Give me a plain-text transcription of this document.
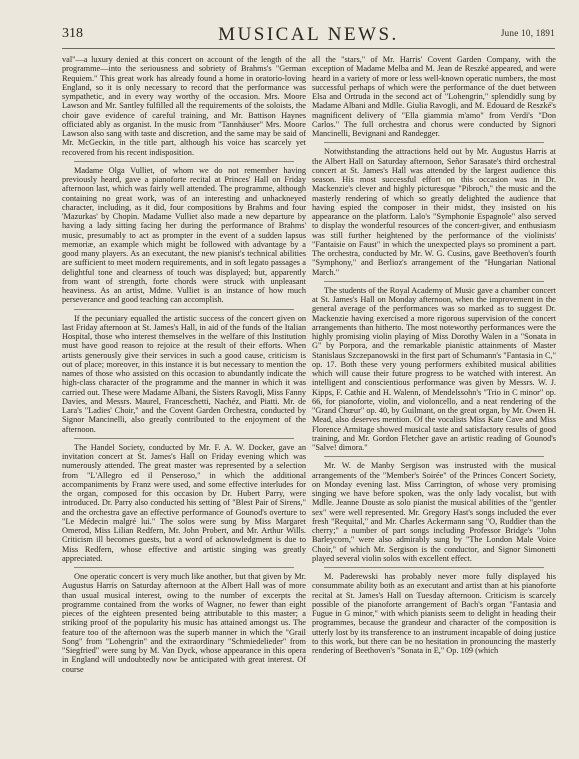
318	MUSICAL NEWS.	June 10, 1891

val"—a luxury denied at this concert on account of the length of the programme—into the seriousness and sobriety of Brahms's "German Requiem." This great work has already found a home in oratorio-loving England, so it is only necessary to record that the performance was sympathetic, and in every way worthy of the occasion. Mrs. Moore Lawson and Mr. Santley fulfilled all the requirements of the soloists, the choir gave evidence of careful training, and Mr. Battison Haynes officiated ably as organist. In the music from "Tannhäuser" Mrs. Moore Lawson also sang with taste and discretion, and the same may be said of Mr. McGeckin, in the title part, although his voice has scarcely yet recovered from his recent indisposition.

Madame Olga Vulliet, of whom we do not remember having previously heard, gave a pianoforte recital at Princes' Hall on Friday afternoon last, which was fairly well attended. The programme, although containing no great work, was of an interesting and unhackneyed character, including, as it did, four compositions by Brahms and four 'Mazurkas' by Chopin. Madame Vulliet also made a new departure by having a lady sitting facing her during the performance of Brahms' music, presumably to act as prompter in the event of a sudden lapsus memoriæ, an example which might be followed with advantage by a good many players. As an executant, the new pianist's technical abilities are sufficient to meet modern requirements, and in soft legato passages a delightful tone and clearness of touch was displayed; but, apparently from want of strength, forte chords were struck with unpleasant heaviness. As an artist, Mdme. Vulliet is an instance of how much perseverance and good teaching can accomplish.

If the pecuniary equalled the artistic success of the concert given on last Friday afternoon at St. James's Hall, in aid of the funds of the Italian Hospital, those who interest themselves in the welfare of this Institution must have good reason to rejoice at the result of their efforts. When artists generously give their services in such a good cause, criticism is out of place; moreover, in this instance it is but necessary to mention the names of those who assisted on this occasion to abundantly indicate the high-class character of the programme and the manner in which it was carried out. These were Madame Albani, the Sisters Ravogli, Miss Fanny Davies, and Messrs. Maurel, Franceschetti, Nachéz, and Piatti. Mr. de Lara's "Ladies' Choir," and the Covent Garden Orchestra, conducted by Signor Mancinelli, also greatly contributed to the enjoyment of the afternoon.

The Handel Society, conducted by Mr. F. A. W. Docker, gave an invitation concert at St. James's Hall on Friday evening which was numerously attended. The great master was represented by a selection from "L'Allegro ed il Penseroso," in which the additional accompaniments by Franz were used, and some effective interludes for the organ, composed for this occasion by Dr. Hubert Parry, were introduced. Dr. Parry also conducted his setting of "Blest Pair of Sirens," and the orchestra gave an effective performance of Gounod's overture to "Le Médecin malgré lui." The solos were sung by Miss Margaret Omerod, Miss Lilian Redfern, Mr. John Probert, and Mr. Arthur Wills. Criticism ill becomes guests, but a word of acknowledgment is due to Miss Redfern, whose effective and artistic singing was greatly appreciated.

One operatic concert is very much like another, but that given by Mr. Augustus Harris on Saturday afternoon at the Albert Hall was of more than usual musical interest, owing to the number of excerpts the programme contained from the works of Wagner, no fewer than eight pieces of the eighteen presented being attributable to this master; a striking proof of the popularity his music has attained amongst us. The feature too of the afternoon was the superb manner in which the "Grail Song" from "Lohengrin" and the extraordinary "Schmiedelieder" from "Siegfried" were sung by M. Van Dyck, whose appearance in this opera in England will undoubtedly now be anticipated with great interest. Of course

all the "stars," of Mr. Harris' Covent Garden Company, with the exception of Madame Melba and M. Jean de Reszké appeared, and were heard in a variety of more or less well-known operatic numbers, the most successful perhaps of which were the performance of the duet between Elsa and Ortruda in the second act of "Lohengrin," splendidly sung by Madame Albani and Mdlle. Giulia Ravogli, and M. Edouard de Reszké's magnificent delivery of "Ella giammia m'amo" from Verdi's "Don Carlos." The full orchestra and chorus were conducted by Signori Mancinelli, Bevignani and Randegger.

Notwithstanding the attractions held out by Mr. Augustus Harris at the Albert Hall on Saturday afternoon, Señor Sarasate's third orchestral concert at St. James's Hall was attended by the largest audience this season. His most successful effort on this occasion was in Dr. Mackenzie's clever and highly picturesque "Pibroch," the music and the masterly rendering of which so greatly delighted the audience that having espied the composer in their midst, they insisted on his appearance on the platform. Lalo's "Symphonie Espagnole" also served to display the wonderful resources of the concert-giver, and enthusiasm was still further heightened by the performance of the violinists' "Fantaisie on Faust" in which the unexpected plays so prominent a part. The orchestra, conducted by Mr. W. G. Cusins, gave Beethoven's fourth "Symphony," and Berlioz's arrangement of the "Hungarian National March."

The students of the Royal Academy of Music gave a chamber concert at St. James's Hall on Monday afternoon, when the improvement in the general average of the performances was so marked as to suggest Dr. Mackenzie having exercised a more rigorous supervision of the concert arrangements than hitherto. The most noteworthy performances were the highly promising violin playing of Miss Dorothy Walen in a "Sonata in G" by Porpora, and the remarkable pianistic attainments of Master Stanislaus Szczepanowski in the first part of Schumann's "Fantasia in C," op. 17. Both these very young performers exhibited musical abilities which will cause their future progress to be watched with interest. An intelligent and conscientious performance was given by Messrs. W. J. Kipps, F. Cathie and H. Walenn, of Mendelssohn's "Trio in C minor" op. 66, for pianoforte, violin, and violoncello, and a neat rendering of the "Grand Chœur" op. 40, by Guilmant, on the great organ, by Mr. Owen H. Mead, also deserves mention. Of the vocalists Miss Kate Cave and Miss Florence Armitage showed musical taste and satisfactory results of good training, and Mr. Gordon Fletcher gave an artistic reading of Gounod's "Salve! dimora."

Mr. W. de Manby Sergison was instrusted with the musical arrangements of the "Member's Soirée" of the Princes Concert Society, on Monday evening last. Miss Carrington, of whose very promising singing we have before spoken, was the only lady vocalist, but with Mdlle. Jeanne Douste as solo pianist the musical abilities of the "gentler sex" were well represented. Mr. Gregory Hast's songs included the ever fresh "Requital," and Mr. Charles Ackermann sang "O, Ruddier than the cherry;" a number of part songs including Professor Bridge's "John Barleycorn," were also admirably sung by "The London Male Voice Choir," of which Mr. Sergison is the conductor, and Signor Simonetti played several violin solos with excellent effect.

M. Paderewski has probably never more fully displayed his consummate ability both as an executant and artist than at his pianoforte recital at St. James's Hall on Tuesday afternoon. Criticism is scarcely possible of the pianoforte arrangement of Bach's organ "Fantasia and Fugue in G minor," with which pianists seem to delight in heading their programmes, because the grandeur and character of the composition is utterly lost by its transference to an instrument incapable of doing justice to this work, but there can be no hesitation in pronouncing the masterly rendering of Beethoven's "Sonata in E," Op. 109 (which
